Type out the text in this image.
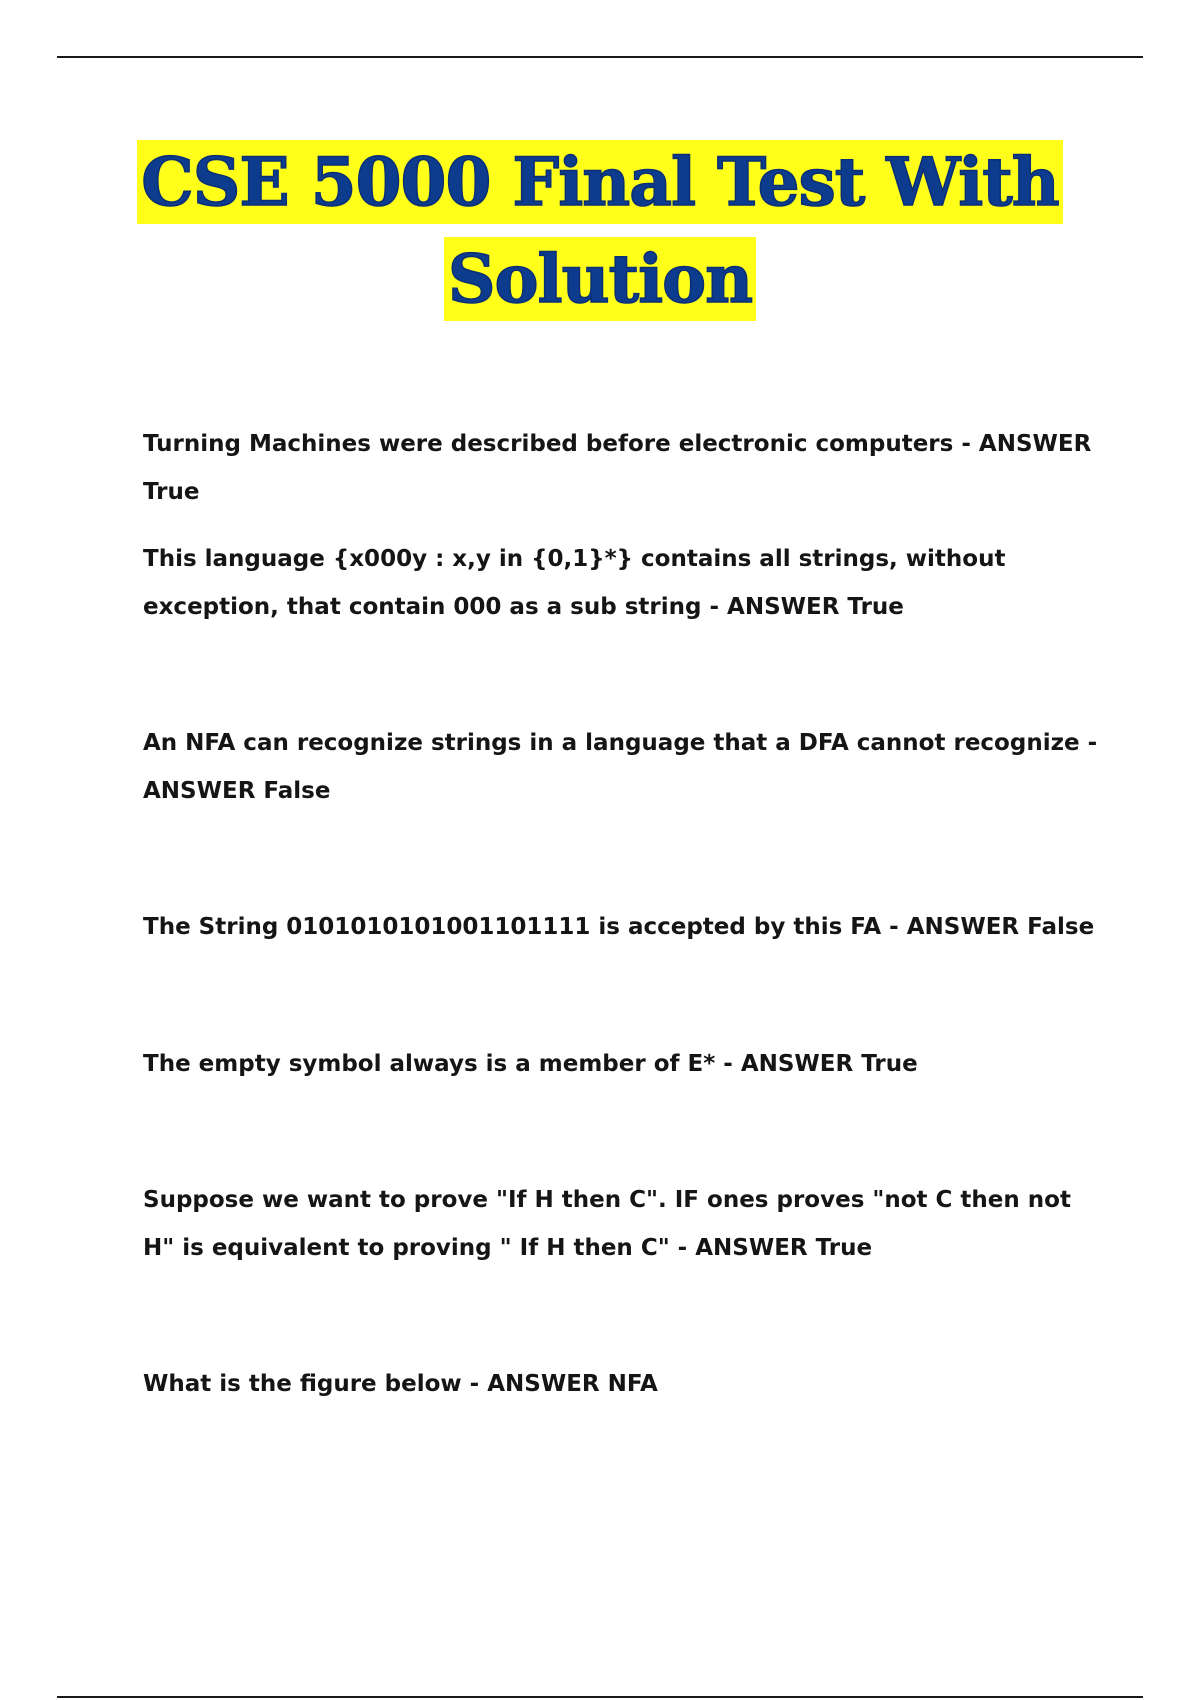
CSE 5000 Final Test With
Solution
Turning Machines were described before electronic computers - ANSWER True
This language {x000y : x,y in {0,1}*} contains all strings, without exception, that contain 000 as a sub string - ANSWER True
An NFA can recognize strings in a language that a DFA cannot recognize - ANSWER False
The String 0101010101001101111 is accepted by this FA - ANSWER False
The empty symbol always is a member of E* - ANSWER True
Suppose we want to prove "If H then C". IF ones proves "not C then not H" is equivalent to proving " If H then C" - ANSWER True
What is the figure below - ANSWER NFA
